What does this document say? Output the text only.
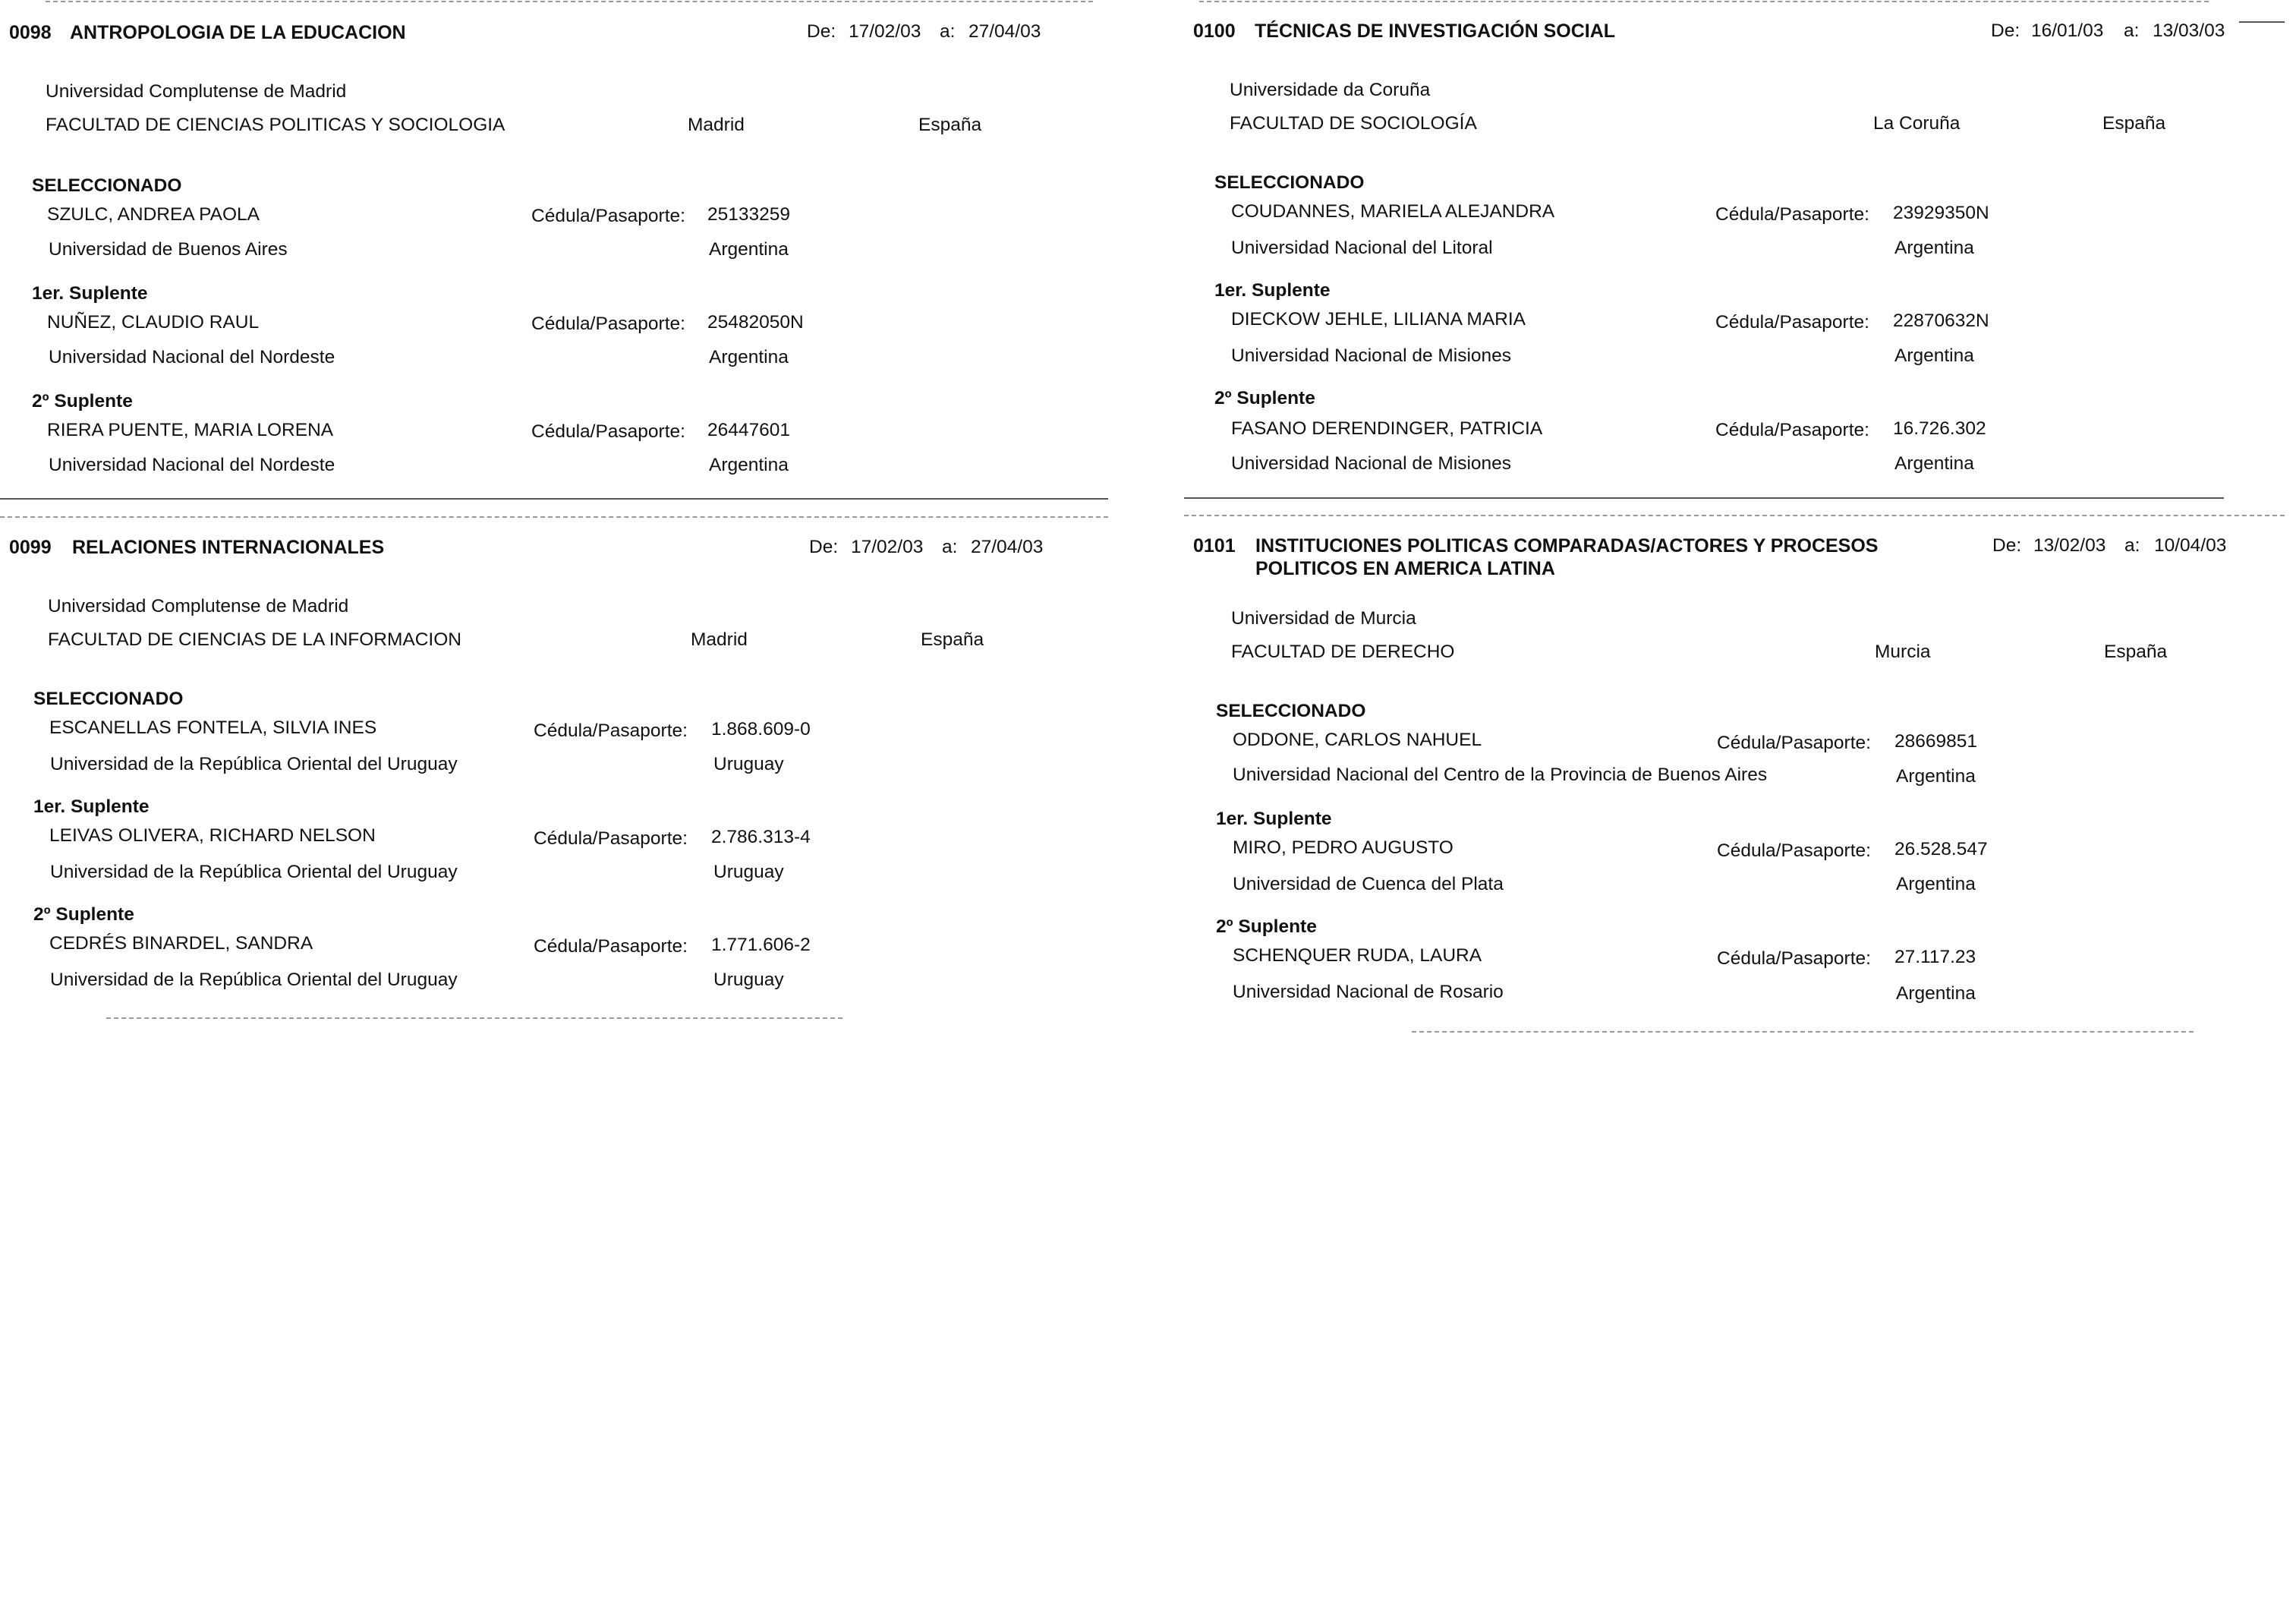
0098 ANTROPOLOGIA DE LA EDUCACION	De: 17/02/03 a: 27/04/03
Universidad Complutense de Madrid
FACULTAD DE CIENCIAS POLITICAS Y SOCIOLOGIA	Madrid	España
SELECCIONADO
SZULC, ANDREA PAOLA	Cédula/Pasaporte: 25133259
Universidad de Buenos Aires	Argentina
1er. Suplente
NUÑEZ, CLAUDIO RAUL	Cédula/Pasaporte: 25482050N
Universidad Nacional del Nordeste	Argentina
2º Suplente
RIERA PUENTE, MARIA LORENA	Cédula/Pasaporte: 26447601
Universidad Nacional del Nordeste	Argentina
0100 TÉCNICAS DE INVESTIGACIÓN SOCIAL	De: 16/01/03 a: 13/03/03
Universidade da Coruña
FACULTAD DE SOCIOLOGÍA	La Coruña	España
SELECCIONADO
COUDANNES, MARIELA ALEJANDRA	Cédula/Pasaporte: 23929350N
Universidad Nacional del Litoral	Argentina
1er. Suplente
DIECKOW JEHLE, LILIANA MARIA	Cédula/Pasaporte: 22870632N
Universidad Nacional de Misiones	Argentina
2º Suplente
FASANO DERENDINGER, PATRICIA	Cédula/Pasaporte: 16.726.302
Universidad Nacional de Misiones	Argentina
0099 RELACIONES INTERNACIONALES	De: 17/02/03 a: 27/04/03
Universidad Complutense de Madrid
FACULTAD DE CIENCIAS DE LA INFORMACION	Madrid	España
SELECCIONADO
ESCANELLAS FONTELA, SILVIA INES	Cédula/Pasaporte: 1.868.609-0
Universidad de la República Oriental del Uruguay	Uruguay
1er. Suplente
LEIVAS OLIVERA, RICHARD NELSON	Cédula/Pasaporte: 2.786.313-4
Universidad de la República Oriental del Uruguay	Uruguay
2º Suplente
CEDRÉS BINARDEL, SANDRA	Cédula/Pasaporte: 1.771.606-2
Universidad de la República Oriental del Uruguay	Uruguay
0101 INSTITUCIONES POLITICAS COMPARADAS/ACTORES Y PROCESOS
POLITICOS EN AMERICA LATINA
De: 13/02/03 a: 10/04/03
Universidad de Murcia
FACULTAD DE DERECHO	Murcia	España
SELECCIONADO
ODDONE, CARLOS NAHUEL	Cédula/Pasaporte: 28669851
Universidad Nacional del Centro de la Provincia de Buenos Aires	Argentina
1er. Suplente
MIRO, PEDRO AUGUSTO	Cédula/Pasaporte: 26.528.547
Universidad de Cuenca del Plata	Argentina
2º Suplente
SCHENQUER RUDA, LAURA	Cédula/Pasaporte: 27.117.23
Universidad Nacional de Rosario	Argentina
